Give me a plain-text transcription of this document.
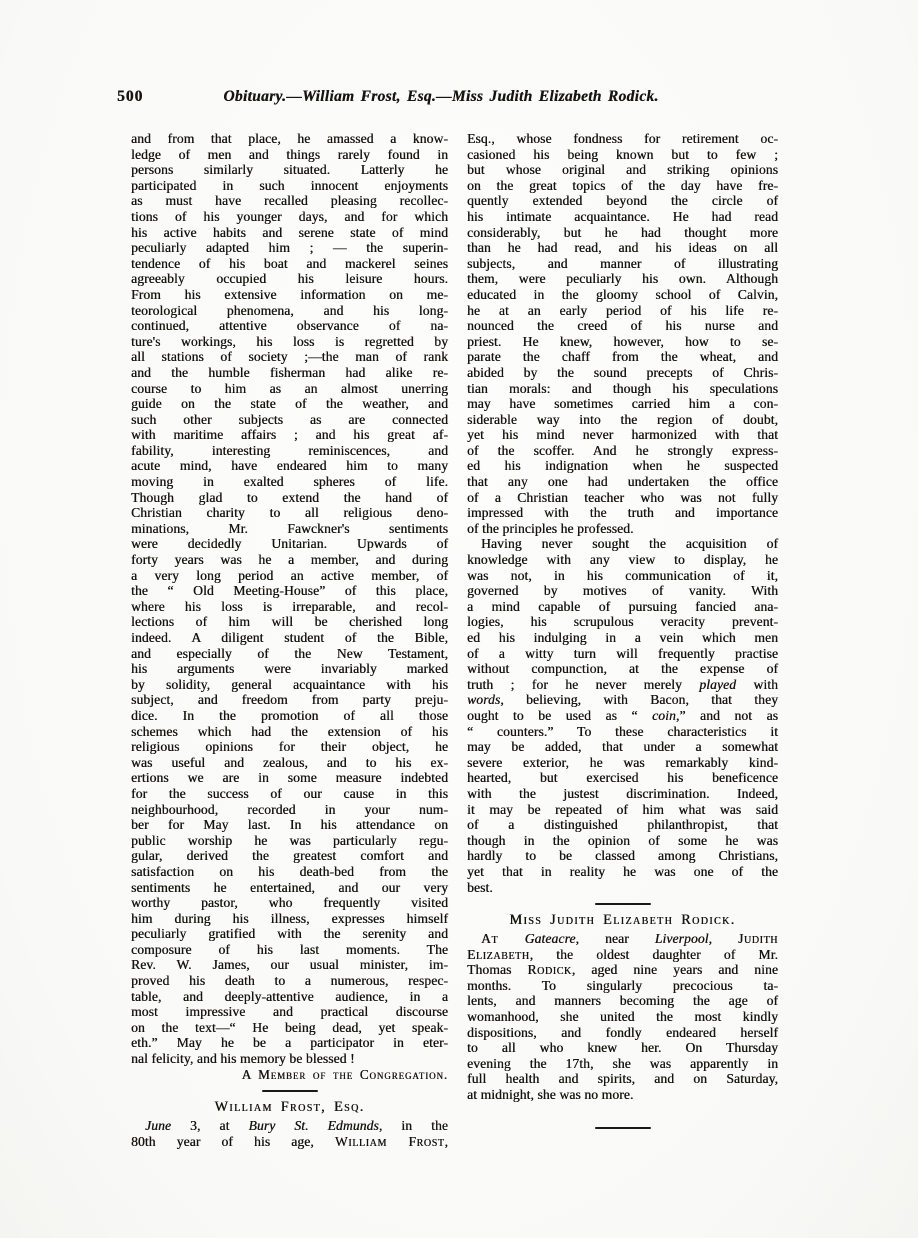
500	Obituary.—William Frost, Esq.—Miss Judith Elizabeth Rodick.
and from that place, he amassed a know-
ledge of men and things rarely found in
persons similarly situated. Latterly he
participated in such innocent enjoyments
as must have recalled pleasing recollec-
tions of his younger days, and for which
his active habits and serene state of mind
peculiarly adapted him ; — the superin-
tendence of his boat and mackerel seines
agreeably occupied his leisure hours.
From his extensive information on me-
teorological phenomena, and his long-
continued, attentive observance of na-
ture's workings, his loss is regretted by
all stations of society ;—the man of rank
and the humble fisherman had alike re-
course to him as an almost unerring
guide on the state of the weather, and
such other subjects as are connected
with maritime affairs ; and his great af-
fability, interesting reminiscences, and
acute mind, have endeared him to many
moving in exalted spheres of life.
Though glad to extend the hand of
Christian charity to all religious deno-
minations, Mr. Fawckner's sentiments
were decidedly Unitarian. Upwards of
forty years was he a member, and during
a very long period an active member, of
the “ Old Meeting-House” of this place,
where his loss is irreparable, and recol-
lections of him will be cherished long
indeed. A diligent student of the Bible,
and especially of the New Testament,
his arguments were invariably marked
by solidity, general acquaintance with his
subject, and freedom from party preju-
dice. In the promotion of all those
schemes which had the extension of his
religious opinions for their object, he
was useful and zealous, and to his ex-
ertions we are in some measure indebted
for the success of our cause in this
neighbourhood, recorded in your num-
ber for May last. In his attendance on
public worship he was particularly regu-
gular, derived the greatest comfort and
satisfaction on his death-bed from the
sentiments he entertained, and our very
worthy pastor, who frequently visited
him during his illness, expresses himself
peculiarly gratified with the serenity and
composure of his last moments. The
Rev. W. James, our usual minister, im-
proved his death to a numerous, respec-
table, and deeply-attentive audience, in a
most impressive and practical discourse
on the text—“ He being dead, yet speak-
eth.” May he be a participator in eter-
nal felicity, and his memory be blessed !
A Member of the Congregation.
William Frost, Esq.
June 3, at Bury St. Edmunds, in the
80th year of his age, William Frost,
Esq., whose fondness for retirement oc-
casioned his being known but to few ;
but whose original and striking opinions
on the great topics of the day have fre-
quently extended beyond the circle of
his intimate acquaintance. He had read
considerably, but he had thought more
than he had read, and his ideas on all
subjects, and manner of illustrating
them, were peculiarly his own. Although
educated in the gloomy school of Calvin,
he at an early period of his life re-
nounced the creed of his nurse and
priest. He knew, however, how to se-
parate the chaff from the wheat, and
abided by the sound precepts of Chris-
tian morals: and though his speculations
may have sometimes carried him a con-
siderable way into the region of doubt,
yet his mind never harmonized with that
of the scoffer. And he strongly express-
ed his indignation when he suspected
that any one had undertaken the office
of a Christian teacher who was not fully
impressed with the truth and importance
of the principles he professed.
Having never sought the acquisition of
knowledge with any view to display, he
was not, in his communication of it,
governed by motives of vanity. With
a mind capable of pursuing fancied ana-
logies, his scrupulous veracity prevent-
ed his indulging in a vein which men
of a witty turn will frequently practise
without compunction, at the expense of
truth ; for he never merely played with
words, believing, with Bacon, that they
ought to be used as “ coin,” and not as
“ counters.” To these characteristics it
may be added, that under a somewhat
severe exterior, he was remarkably kind-
hearted, but exercised his beneficence
with the justest discrimination. Indeed,
it may be repeated of him what was said
of a distinguished philanthropist, that
though in the opinion of some he was
hardly to be classed among Christians,
yet that in reality he was one of the
best.
Miss Judith Elizabeth Rodick.
At Gateacre, near Liverpool, Judith
Elizabeth, the oldest daughter of Mr.
Thomas Rodick, aged nine years and nine
months. To singularly precocious ta-
lents, and manners becoming the age of
womanhood, she united the most kindly
dispositions, and fondly endeared herself
to all who knew her. On Thursday
evening the 17th, she was apparently in
full health and spirits, and on Saturday,
at midnight, she was no more.
